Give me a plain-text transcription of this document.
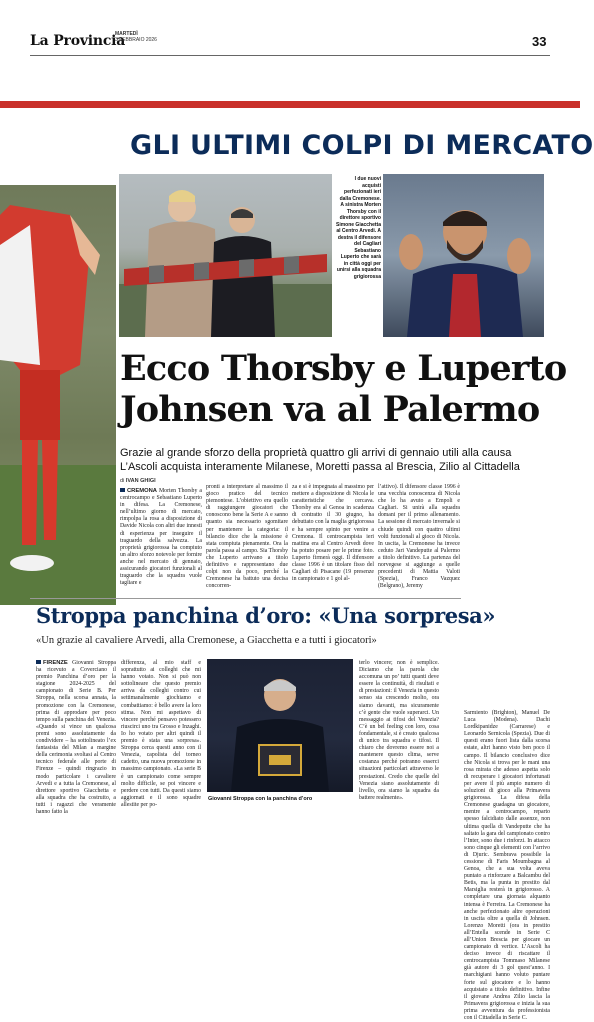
La Provincia
MARTEDÌ
3 FEBBRAIO 2026	33
GLI ULTIMI COLPI DI MERCATO
I due nuovi acquisti perfezionati ieri dalla Cremonese. A sinistra Morten Thorsby con il direttore sportivo Simone Giacchetta al Centro Arvedi. A destra il difensore del Cagliari Sebastiano Luperto che sarà in città oggi per unirsi alla squadra grigiorossa
Ecco Thorsby e Luperto
Johnsen va al Palermo
Grazie al grande sforzo della proprietà quattro gli arrivi di gennaio utili alla causa L’Ascoli acquista interamente Milanese, Moretti passa al Brescia, Zilio al Cittadella
di IVAN GHIGI
CREMONA Morten Thorsby a centrocampo e Sebastiano Luperto in difesa. La Cremonese, nell’ultimo giorno di mercato, rimpolpa la rosa a disposizione di Davide Nicola con altri due innesti di esperienza per inseguire il traguardo della salvezza. La proprietà grigiorossa ha compiuto un altro sforzo notevole per fornire anche nel mercato di gennaio, assicurando giocatori funzionali al traguardo che la squadra vuole tagliare e
pronti a interpretare al massimo il gioco pratico del tecnico piemontese. L’obiettivo era quello di raggiungere giocatori che conoscono bene la Serie A e sanno quanto sia necessario sgomitare per mantenere la categoria: il bilancio dice che la missione è stata compiuta pienamente. Ora la parola passa al campo. Sia Thorsby che Luperto arrivano a titolo definitivo e rappresentano due colpi non da poco, perché la Cremonese ha battuto una decisa concorren-
za e si è impegnata al massimo per mettere a disposizione di Nicola le caratteristiche che cercava. Thorsby era al Genoa in scadenza di contratto il 30 giugno, ha debuttato con la maglia grigiorossa e ha sempre spinto per venire a Cremona. Il centrocampista ieri mattina era al Centro Arvedi dove ha potuto posare per le prime foto. Luperto firmerà oggi. Il difensore classe 1996 è un titolare fisso del Cagliari di Pisacane (19 presenze in campionato e 1 gol al-
l’attivo). Il difensore classe 1996 è una vecchia conoscenza di Nicola che lo ha avuto a Empoli e Cagliari. Si unirà alla squadra domani per il primo allenamento. La sessione di mercato invernale si chiude quindi con quattro ultimi volti funzionali al gioco di Nicola. In uscita, la Cremonese ha invece ceduto Jari Vandeputte al Palermo a titolo definitivo. La partenza del norvegese si aggiunge a quelle precedenti di Mattia Valoti (Spezia), Franco Vazquez (Belgrano), Jeremy
Sarmiento (Brighton), Manuel De Luca (Modena). Dachi Lordkipanidze (Carrarese) e Leonardo Sernicola (Spezia). Due di questi erano fuori lista dalla scorsa estate, altri hanno visto ben poco il campo. Il bilancio conclusivo dice che Nicola si trova per le mani una rosa mirata che adesso aspetta solo di recuperare i giocatori infortunati per avere il più ampio numero di soluzioni di gioco alla Primavera grigiorossa. La difesa della Cremonese guadagna un giocatore, mentre a centrocampo, reparto spesso falcidiato dalle assenze, non ultima quella di Vandeputte che ha saltato la gara del campionato contro l’Inter, sono due i rinforzi. In attacco sono cinque gli elementi con l’arrivo di Djuric. Sembrava possibile la cessione di Faris Moumbagna al Genoa, che a sua volta aveva puntato a rinforzare a Balcambu del Betis, ma la punta in prestito dal Marsiglia resterà in grigiorosso. A completare una giornata alquanto intensa è Ferreira. La Cremonese ha anche perfezionato altre operazioni in uscita oltre a quella di Johnsen. Lorenzo Moretti (ora in prestito all’Entella scende in Serie C all’Union Brescia per giocare un campionato di vertice. L’Ascoli ha deciso invece di riscattare il centrocampista Tommaso Milanese già autore di 3 gol quest’anno. I marchigiani hanno voluto puntare forte sul giocatore e lo hanno acquistato a titolo definitivo. Infine il giovane Andrea Zilio lascia la Primavera grigiorossa e inizia la sua prima avventura da professionista con il Cittadella in Serie C.
Stroppa panchina d’oro: «Una sorpresa»
«Un grazie al cavaliere Arvedi, alla Cremonese, a Giacchetta e a tutti i giocatori»
FIRENZE Giovanni Stroppa ha ricevuto a Coverciano il premio Panchina d’oro per la stagione 2024-2025 del campionato di Serie B. Per Stroppa, nella scorsa annata, la promozione con la Cremonese, prima di approdare per poco tempo sulla panchina del Venezia. «Quando si vince un qualcosa premi sono assolutamente da condividere – ha sottolineato l’ex fantasista del Milan a margine della cerimonia svoltasi al Centro tecnico federale alle porte di Firenze – quindi ringrazio in modo particolare i cavaliere Arvedi e a tutta la Cremonese, al direttore sportivo Giacchetta e alla squadra che ha costruito, a tutti i ragazzi che veramente hanno fatto la
differenza, al mio staff e soprattutto ai colleghi che mi hanno votato. Non si può non sottolineare che questo premio arriva da colleghi contro cui settimanalmente giochiamo e combattiamo: è bello avere la loro stima. Non mi aspettavo di vincere perché pensavo potessero riuscirci uno tra Grosso e Inzaghi. Io ho votato per altri quindi il premio è stata una sorpresa». Stroppa cerca questi anno con il Venezia, capolista del torneo cadetto, una nuova promozione in massimo campionato. «La serie B è un campionato come sempre molto difficile, se poi vincere e perdere con tutti. Da questi siamo aggiornati e il sono squadre allestite per po-
Giovanni Stroppa con la panchina d’oro
terlo vincere; non è semplice. Diciamo che la parola che accomuna un po’ tutti quanti deve essere la continuità, di risultati e di prestazioni: il Venezia in questo senso sta crescendo molto, ora siamo davanti, ma sicuramente c’è gente che vuole superarci. Un messaggio ai tifosi del Venezia? C’è un bel feeling con loro, cosa fondamentale, si è creato qualcosa di unico tra squadra e tifosi. Il chiaro che dovremo essere noi a mantenere questo clima, serve costanza perché potranno esserci situazioni particolari attraverso le prestazioni. Credo che quelle del Venezia siano assolutamente di livello, ora siamo la squadra da battere realmente».
